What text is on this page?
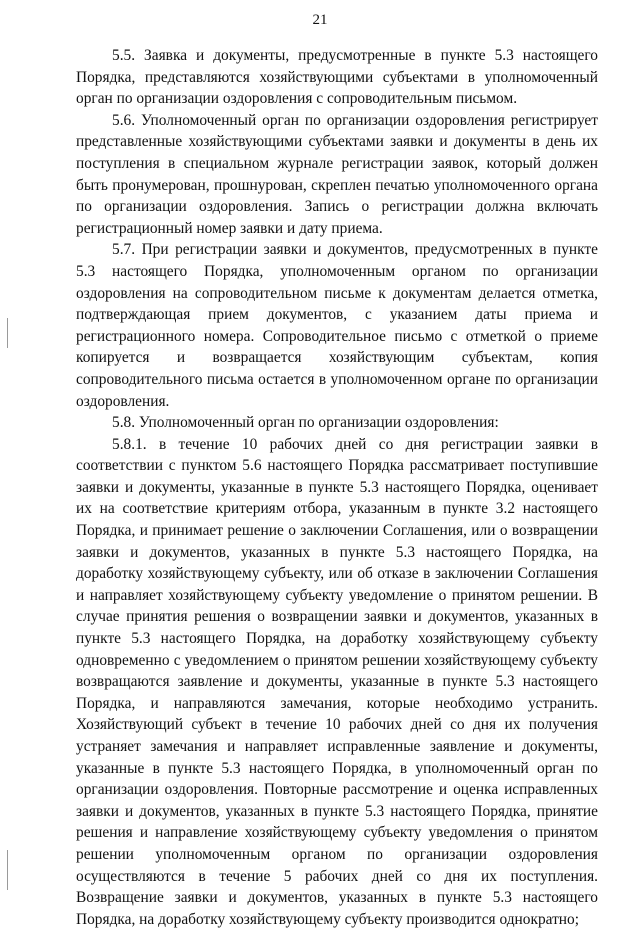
21

5.5. Заявка и документы, предусмотренные в пункте 5.3 настоящего Порядка, представляются хозяйствующими субъектами в уполномоченный орган по организации оздоровления с сопроводительным письмом.

5.6. Уполномоченный орган по организации оздоровления регистрирует представленные хозяйствующими субъектами заявки и документы в день их поступления в специальном журнале регистрации заявок, который должен быть пронумерован, прошнурован, скреплен печатью уполномоченного органа по организации оздоровления. Запись о регистрации должна включать регистрационный номер заявки и дату приема.

5.7. При регистрации заявки и документов, предусмотренных в пункте 5.3 настоящего Порядка, уполномоченным органом по организации оздоровления на сопроводительном письме к документам делается отметка, подтверждающая прием документов, с указанием даты приема и регистрационного номера. Сопроводительное письмо с отметкой о приеме копируется и возвращается хозяйствующим субъектам, копия сопроводительного письма остается в уполномоченном органе по организации оздоровления.

5.8. Уполномоченный орган по организации оздоровления:

5.8.1. в течение 10 рабочих дней со дня регистрации заявки в соответствии с пунктом 5.6 настоящего Порядка рассматривает поступившие заявки и документы, указанные в пункте 5.3 настоящего Порядка, оценивает их на соответствие критериям отбора, указанным в пункте 3.2 настоящего Порядка, и принимает решение о заключении Соглашения, или о возвращении заявки и документов, указанных в пункте 5.3 настоящего Порядка, на доработку хозяйствующему субъекту, или об отказе в заключении Соглашения и направляет хозяйствующему субъекту уведомление о принятом решении. В случае принятия решения о возвращении заявки и документов, указанных в пункте 5.3 настоящего Порядка, на доработку хозяйствующему субъекту одновременно с уведомлением о принятом решении хозяйствующему субъекту возвращаются заявление и документы, указанные в пункте 5.3 настоящего Порядка, и направляются замечания, которые необходимо устранить. Хозяйствующий субъект в течение 10 рабочих дней со дня их получения устраняет замечания и направляет исправленные заявление и документы, указанные в пункте 5.3 настоящего Порядка, в уполномоченный орган по организации оздоровления. Повторные рассмотрение и оценка исправленных заявки и документов, указанных в пункте 5.3 настоящего Порядка, принятие решения и направление хозяйствующему субъекту уведомления о принятом решении уполномоченным органом по организации оздоровления осуществляются в течение 5 рабочих дней со дня их поступления. Возвращение заявки и документов, указанных в пункте 5.3 настоящего Порядка, на доработку хозяйствующему субъекту производится однократно;
